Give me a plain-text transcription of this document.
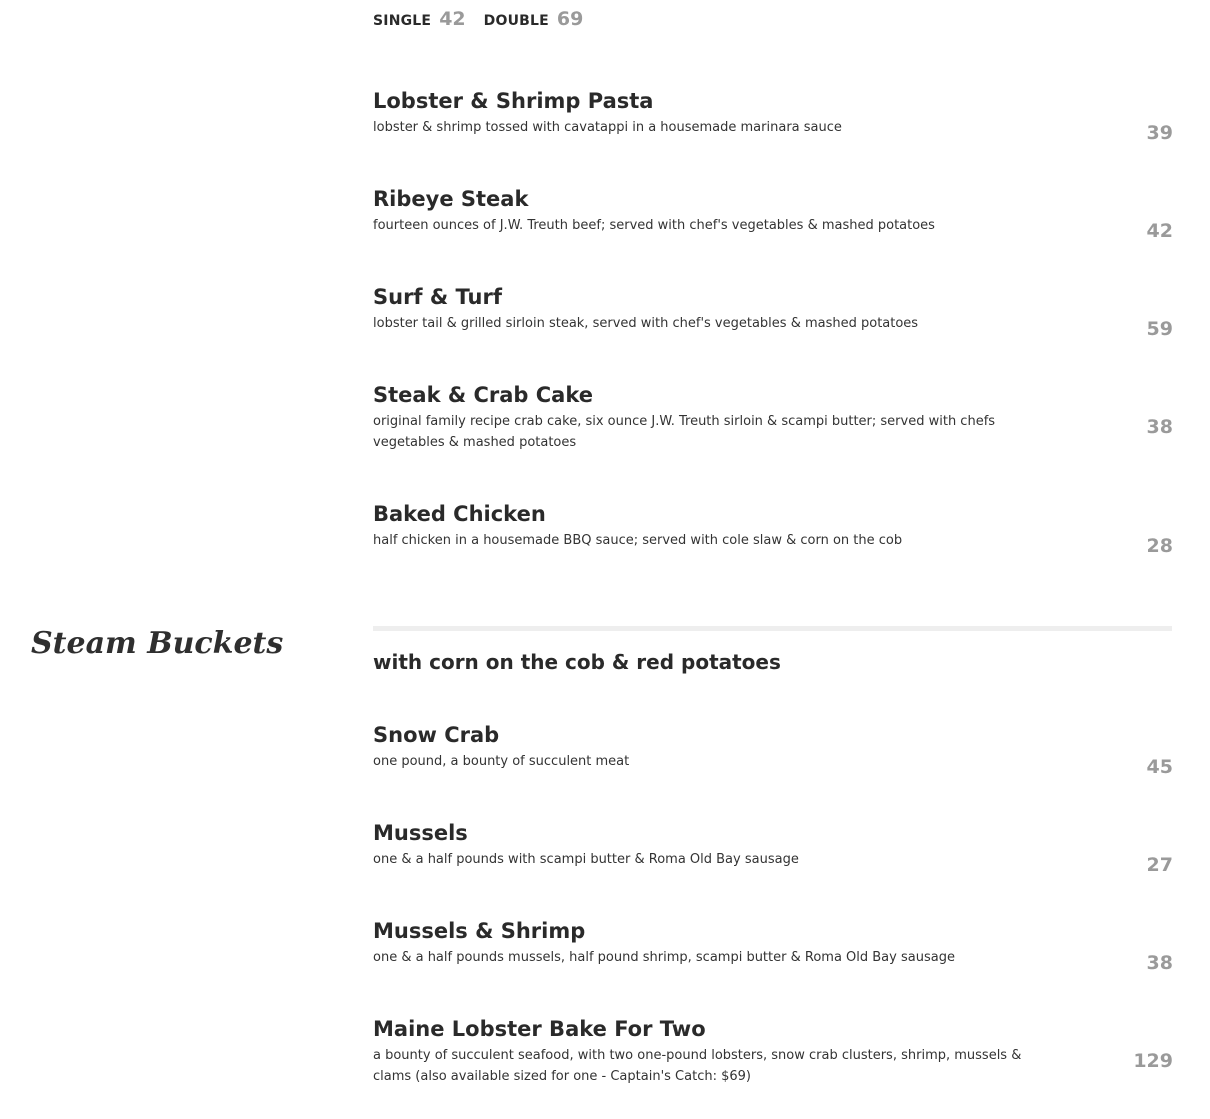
SINGLE 42 DOUBLE 69
Lobster & Shrimp Pasta
lobster & shrimp tossed with cavatappi in a housemade marinara sauce	39
Ribeye Steak
fourteen ounces of J.W. Treuth beef; served with chef's vegetables & mashed potatoes	42
Surf & Turf
lobster tail & grilled sirloin steak, served with chef's vegetables & mashed potatoes	59
Steak & Crab Cake
original family recipe crab cake, six ounce J.W. Treuth sirloin & scampi butter; served with chefs vegetables & mashed potatoes
38
Baked Chicken
half chicken in a housemade BBQ sauce; served with cole slaw & corn on the cob	28
Steam Buckets
with corn on the cob & red potatoes
Snow Crab
one pound, a bounty of succulent meat	45
Mussels
one & a half pounds with scampi butter & Roma Old Bay sausage	27
Mussels & Shrimp
one & a half pounds mussels, half pound shrimp, scampi butter & Roma Old Bay sausage	38
Maine Lobster Bake For Two
a bounty of succulent seafood, with two one-pound lobsters, snow crab clusters, shrimp, mussels & clams (also available sized for one - Captain's Catch: $69)
129
